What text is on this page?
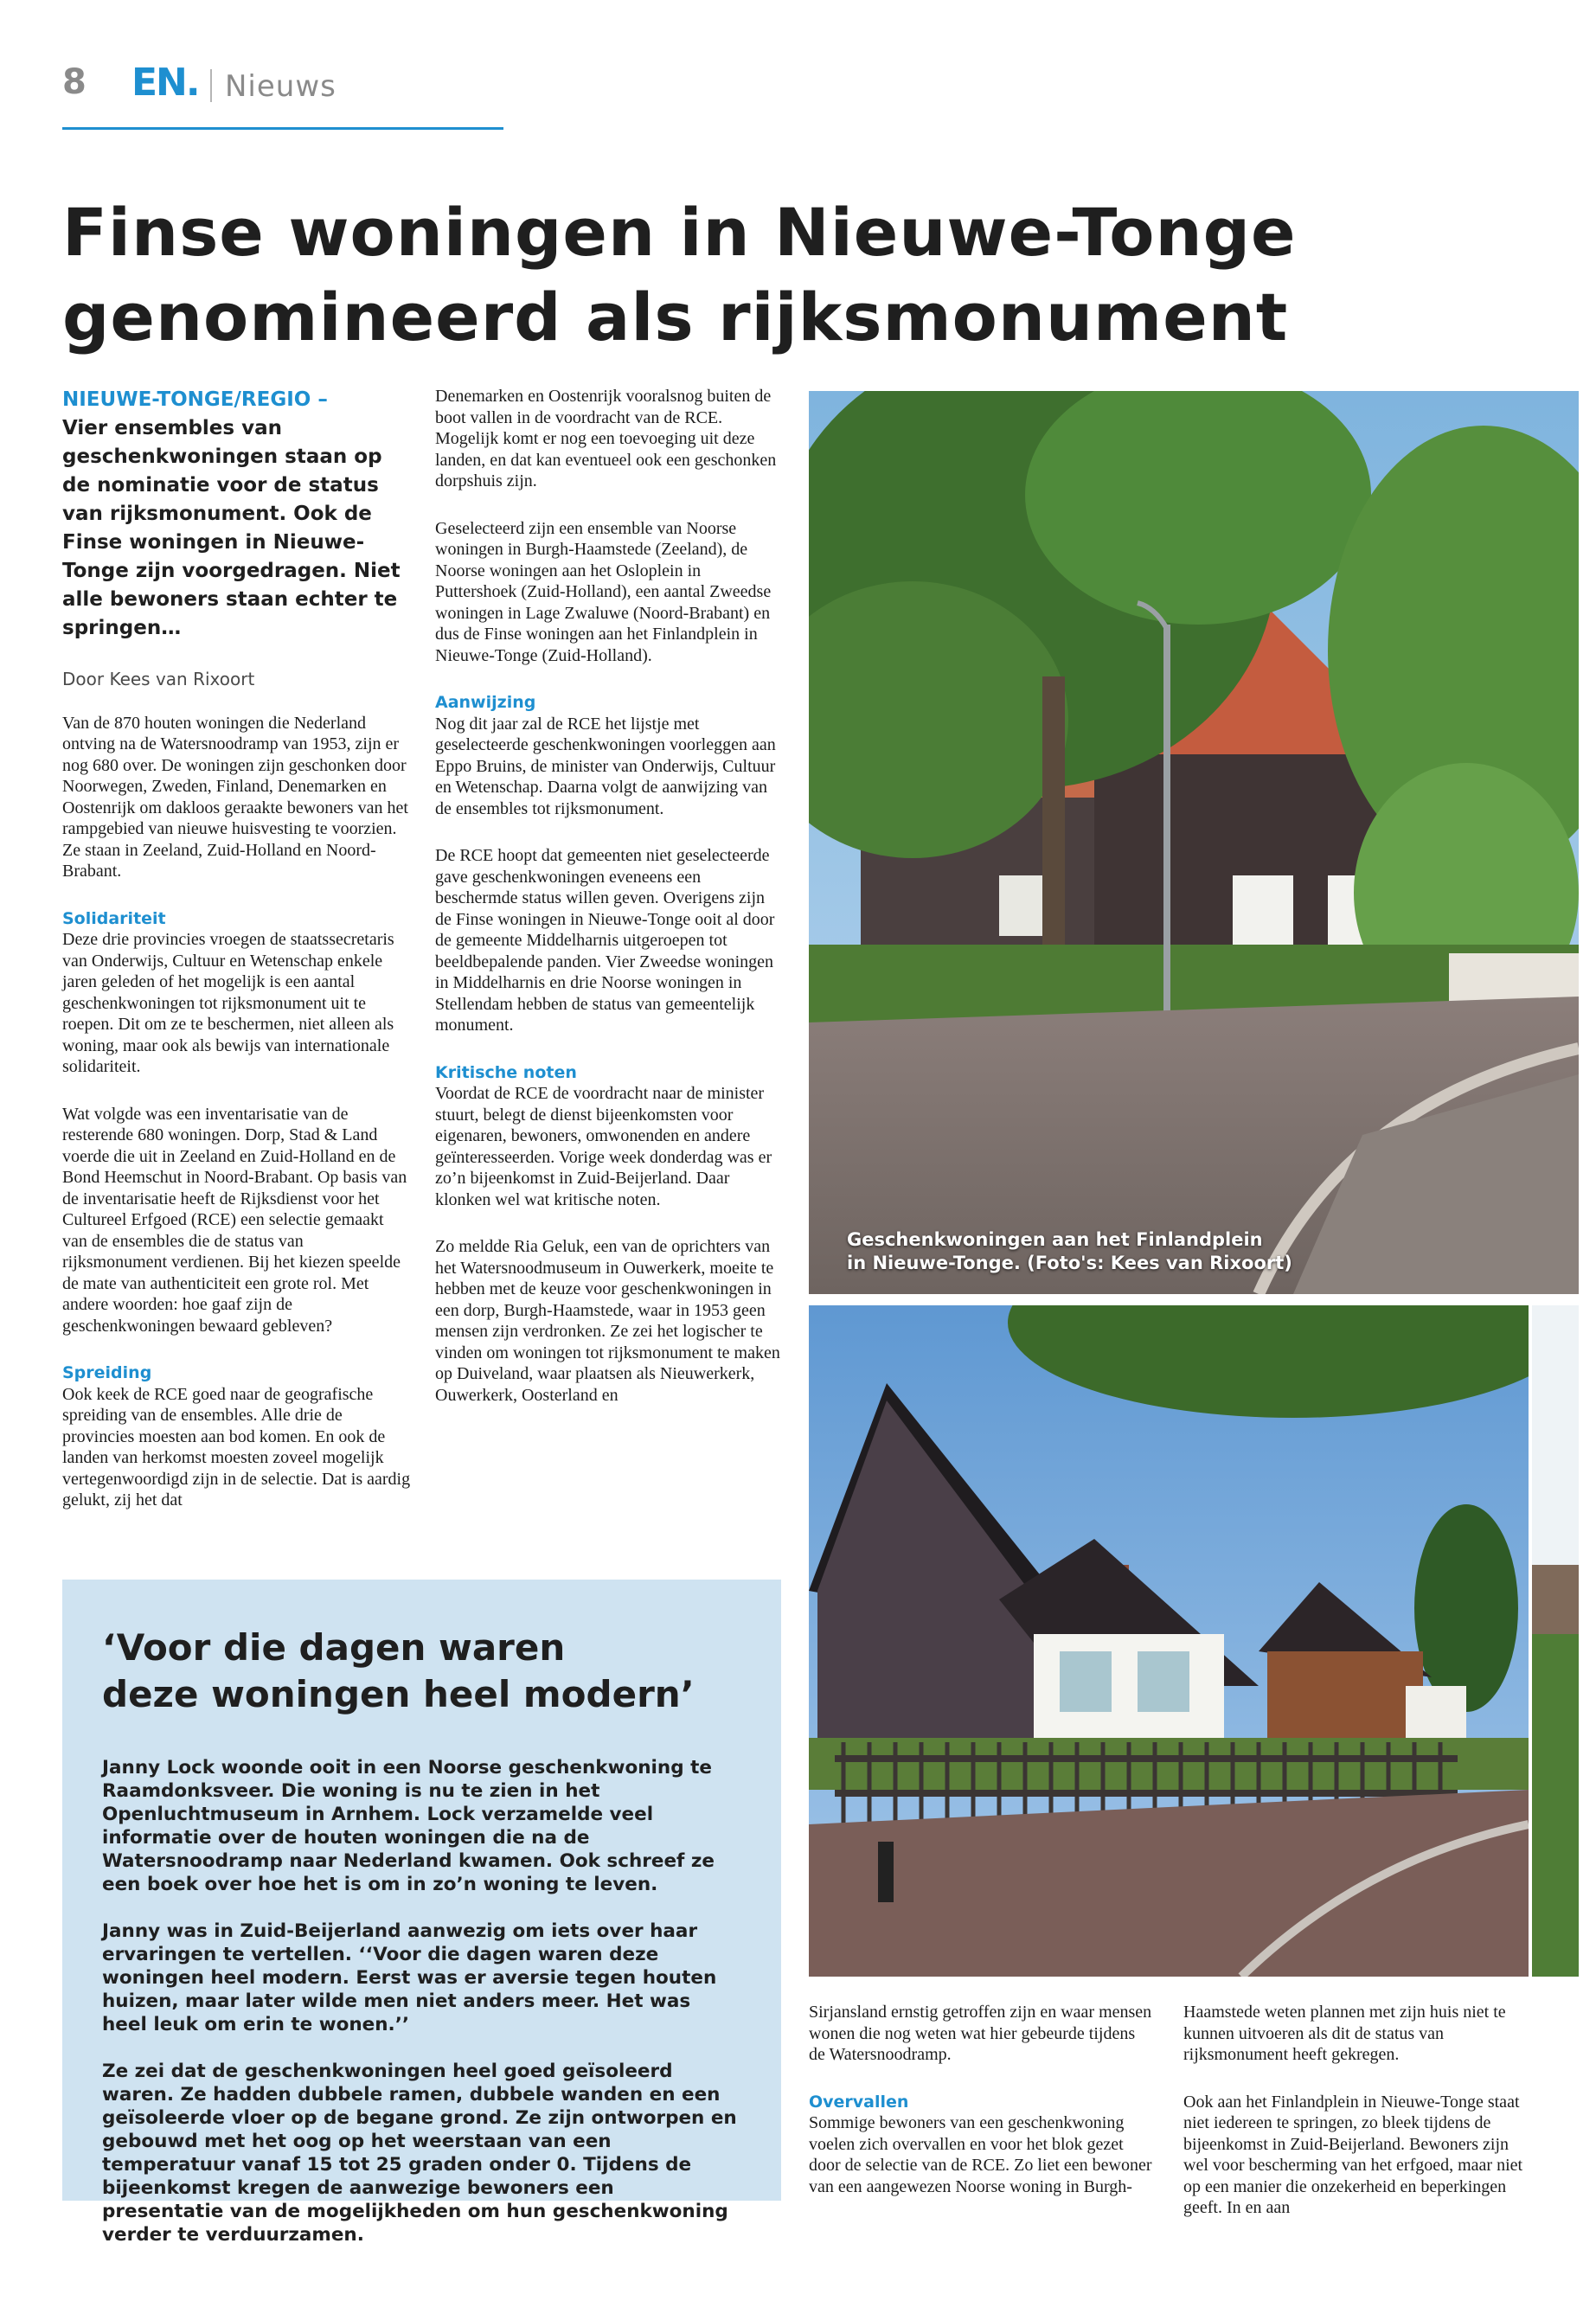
8 EN. Nieuws
Finse woningen in Nieuwe-Tonge
genomineerd als rijksmonument

NIEUWE-TONGE/REGIO –
Vier ensembles van geschenkwoningen staan op de nominatie voor de status van rijksmonument. Ook de Finse woningen in Nieuwe-Tonge zijn voorgedragen. Niet alle bewoners staan echter te springen…

Door Kees van Rixoort

Van de 870 houten woningen die Nederland ontving na de Watersnoodramp van 1953, zijn er nog 680 over. De woningen zijn geschonken door Noorwegen, Zweden, Finland, Denemarken en Oostenrijk om dakloos geraakte bewoners van het rampgebied van nieuwe huisvesting te voorzien. Ze staan in Zeeland, Zuid-Holland en Noord-Brabant.

Solidariteit
Deze drie provincies vroegen de staatssecretaris van Onderwijs, Cultuur en Wetenschap enkele jaren geleden of het mogelijk is een aantal geschenkwoningen tot rijksmonument uit te roepen. Dit om ze te beschermen, niet alleen als woning, maar ook als bewijs van internationale solidariteit.

Wat volgde was een inventarisatie van de resterende 680 woningen. Dorp, Stad & Land voerde die uit in Zeeland en Zuid-Holland en de Bond Heemschut in Noord-Brabant. Op basis van de inventarisatie heeft de Rijksdienst voor het Cultureel Erfgoed (RCE) een selectie gemaakt van de ensembles die de status van rijksmonument verdienen. Bij het kiezen speelde de mate van authenticiteit een grote rol. Met andere woorden: hoe gaaf zijn de geschenkwoningen bewaard gebleven?

Spreiding
Ook keek de RCE goed naar de geografische spreiding van de ensembles. Alle drie de provincies moesten aan bod komen. En ook de landen van herkomst moesten zoveel mogelijk vertegenwoordigd zijn in de selectie. Dat is aardig gelukt, zij het dat

Denemarken en Oostenrijk vooralsnog buiten de boot vallen in de voordracht van de RCE. Mogelijk komt er nog een toevoeging uit deze landen, en dat kan eventueel ook een geschonken dorpshuis zijn.

Geselecteerd zijn een ensemble van Noorse woningen in Burgh-Haamstede (Zeeland), de Noorse woningen aan het Osloplein in Puttershoek (Zuid-Holland), een aantal Zweedse woningen in Lage Zwaluwe (Noord-Brabant) en dus de Finse woningen aan het Finlandplein in Nieuwe-Tonge (Zuid-Holland).

Aanwijzing
Nog dit jaar zal de RCE het lijstje met geselecteerde geschenkwoningen voorleggen aan Eppo Bruins, de minister van Onderwijs, Cultuur en Wetenschap. Daarna volgt de aanwijzing van de ensembles tot rijksmonument.

De RCE hoopt dat gemeenten niet geselecteerde gave geschenkwoningen eveneens een beschermde status willen geven. Overigens zijn de Finse woningen in Nieuwe-Tonge ooit al door de gemeente Middelharnis uitgeroepen tot beeldbepalende panden. Vier Zweedse woningen in Middelharnis en drie Noorse woningen in Stellendam hebben de status van gemeentelijk monument.

Kritische noten
Voordat de RCE de voordracht naar de minister stuurt, belegt de dienst bijeenkomsten voor eigenaren, bewoners, omwonenden en andere geïnteresseerden. Vorige week donderdag was er zo’n bijeenkomst in Zuid-Beijerland. Daar klonken wel wat kritische noten.

Zo meldde Ria Geluk, een van de oprichters van het Watersnoodmuseum in Ouwerkerk, moeite te hebben met de keuze voor geschenkwoningen in een dorp, Burgh-Haamstede, waar in 1953 geen mensen zijn verdronken. Ze zei het logischer te vinden om woningen tot rijksmonument te maken op Duiveland, waar plaatsen als Nieuwerkerk, Ouwerkerk, Oosterland en

Geschenkwoningen aan het Finlandplein
in Nieuwe-Tonge. (Foto's: Kees van Rixoort)
‘Voor die dagen waren
deze woningen heel modern’

Janny Lock woonde ooit in een Noorse geschenkwoning te Raamdonksveer. Die woning is nu te zien in het Openluchtmuseum in Arnhem. Lock verzamelde veel informatie over de houten woningen die na de Watersnoodramp naar Nederland kwamen. Ook schreef ze een boek over hoe het is om in zo’n woning te leven.

Janny was in Zuid-Beijerland aanwezig om iets over haar ervaringen te vertellen. ‘‘Voor die dagen waren deze woningen heel modern. Eerst was er aversie tegen houten huizen, maar later wilde men niet anders meer. Het was heel leuk om erin te wonen.’’

Ze zei dat de geschenkwoningen heel goed geïsoleerd waren. Ze hadden dubbele ramen, dubbele wanden en een geïsoleerde vloer op de begane grond. Ze zijn ontworpen en gebouwd met het oog op het weerstaan van een temperatuur vanaf 15 tot 25 graden onder 0. Tijdens de bijeenkomst kregen de aanwezige bewoners een presentatie van de mogelijkheden om hun geschenkwoning verder te verduurzamen.

Sirjansland ernstig getroffen zijn en waar mensen wonen die nog weten wat hier gebeurde tijdens de Watersnoodramp.

Overvallen
Sommige bewoners van een geschenkwoning voelen zich overvallen en voor het blok gezet door de selectie van de RCE. Zo liet een bewoner van een aangewezen Noorse woning in Burgh-

Haamstede weten plannen met zijn huis niet te kunnen uitvoeren als dit de status van rijksmonument heeft gekregen.

Ook aan het Finlandplein in Nieuwe-Tonge staat niet iedereen te springen, zo bleek tijdens de bijeenkomst in Zuid-Beijerland. Bewoners zijn wel voor bescherming van het erfgoed, maar niet op een manier die onzekerheid en beperkingen geeft. In en aan
